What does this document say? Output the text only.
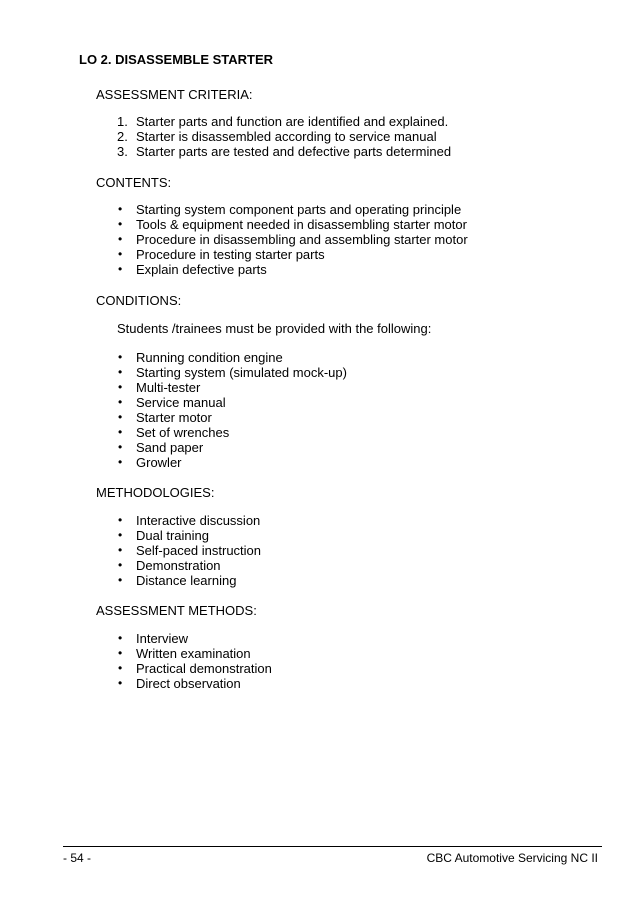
LO 2. DISASSEMBLE STARTER
ASSESSMENT CRITERIA:
1. Starter parts and function are identified and explained.
2. Starter is disassembled according to service manual
3. Starter parts are tested and defective parts determined
CONTENTS:
•	Starting system component parts and operating principle
•	Tools & equipment needed in disassembling starter motor
•	Procedure in disassembling and assembling starter motor
•	Procedure in testing starter parts
•	Explain defective parts
CONDITIONS:

Students /trainees must be provided with the following:

•	Running condition engine
•	Starting system (simulated mock-up)
•	Multi-tester
•	Service manual
•	Starter motor
•	Set of wrenches
•	Sand paper
•	Growler
METHODOLOGIES:
•	Interactive discussion
•	Dual training
•	Self-paced instruction
•	Demonstration
•	Distance learning
ASSESSMENT METHODS:
•	Interview
•	Written examination
•	Practical demonstration
•	Direct observation
- 54 -	CBC Automotive Servicing NC II
